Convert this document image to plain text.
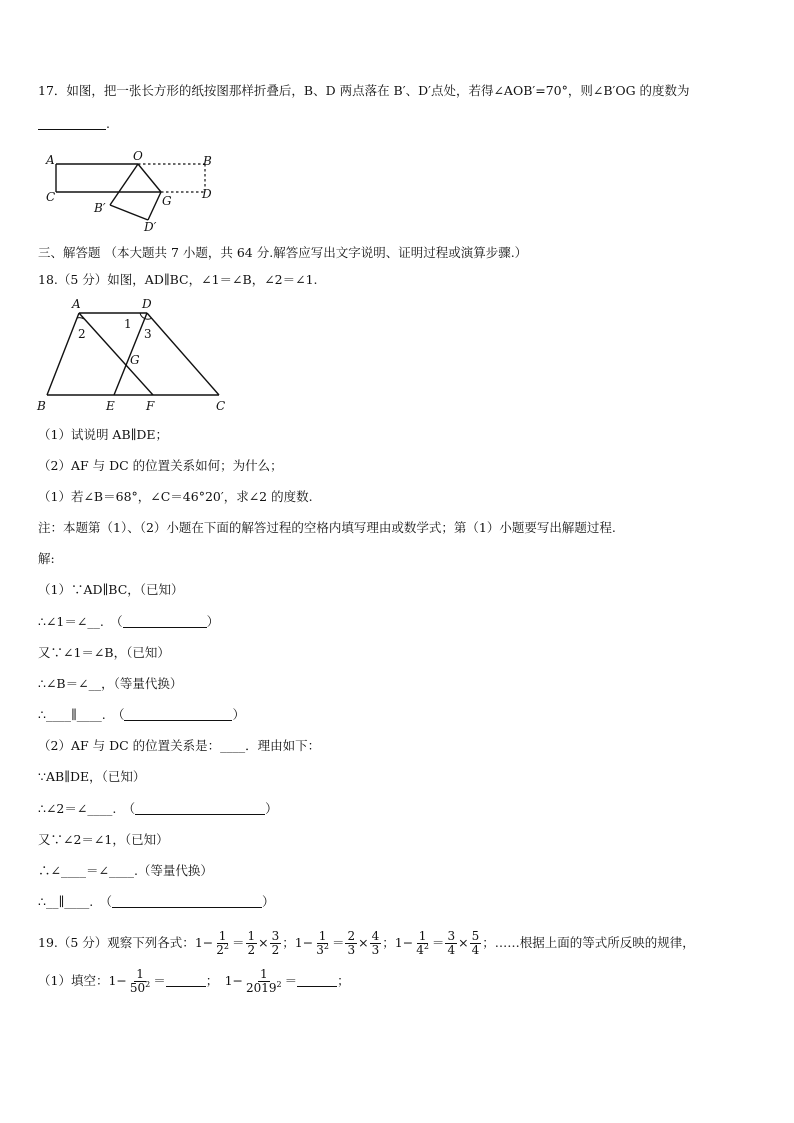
17．如图，把一张长方形的纸按图那样折叠后，B、D 两点落在 B′、D′点处，若得∠AOB′=70°，则∠B′OG 的度数为
.
A	O	B
C	G	D
B′
D′
三、解答题 （本大题共 7 小题，共 64 分.解答应写出文字说明、证明过程或演算步骤.）
18.（5 分）如图，AD∥BC，∠1＝∠B，∠2＝∠1.
A	D
B	E	F	C
G
1
2	3
（1）试说明 AB∥DE；
（2）AF 与 DC 的位置关系如何；为什么；
（1）若∠B＝68°，∠C＝46°20′，求∠2 的度数.
注：本题第（1）、（2）小题在下面的解答过程的空格内填写理由或数学式；第（1）小题要写出解题过程.
解:
（1）∵AD∥BC，（已知）
∴∠1＝∠__.　 （	）
又∵∠1＝∠B，（已知）
∴∠B＝∠__，（等量代换）
∴____∥____.　 （	）
（2）AF 与 DC 的位置关系是：____．理由如下：
∵AB∥DE，（已知）
∴∠2＝∠____.　 （	）
又∵∠2＝∠1，（已知）
∴∠____＝∠____.（等量代换）
∴__∥____.　 （	）
19.（5 分）观察下列各式：$1- \frac{1}{2^2} = \frac{1}{2} \times \frac{3}{2}$ ；$1- \frac{1}{3^2} = \frac{2}{3} \times \frac{4}{3}$ ；$1- \frac{1}{4^2} = \frac{3}{4} \times \frac{5}{4}$ ；……根据上面的等式所反映的规律，
（1）填空：$1- \frac{1}{50^2}$ ＝	；　 $1- \frac{1}{2019^2}$ ＝	；
